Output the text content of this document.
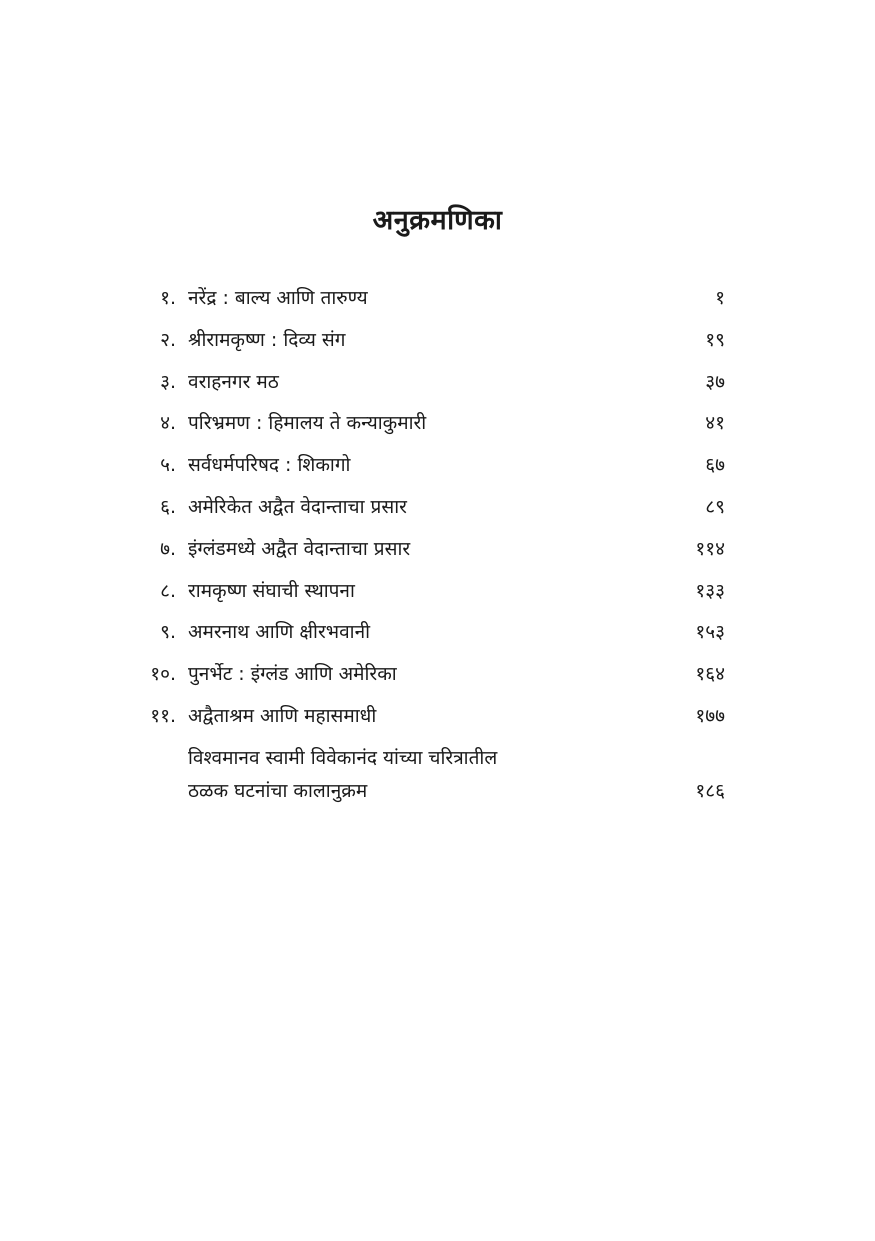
अनुक्रमणिका
१. नरेंद्र : बाल्य आणि तारुण्य	१
२. श्रीरामकृष्ण : दिव्य संग	१९
३. वराहनगर मठ	३७
४. परिभ्रमण : हिमालय ते कन्याकुमारी	४१
५. सर्वधर्मपरिषद : शिकागो	६७
६. अमेरिकेत अद्वैत वेदान्ताचा प्रसार	८९
७. इंग्लंडमध्ये अद्वैत वेदान्ताचा प्रसार	११४
८. रामकृष्ण संघाची स्थापना	१३३
९. अमरनाथ आणि क्षीरभवानी	१५३
१०. पुनर्भेट : इंग्लंड आणि अमेरिका	१६४
११. अद्वैताश्रम आणि महासमाधी	१७७
विश्वमानव स्वामी विवेकानंद यांच्या चरित्रातील
ठळक घटनांचा कालानुक्रम	१८६
